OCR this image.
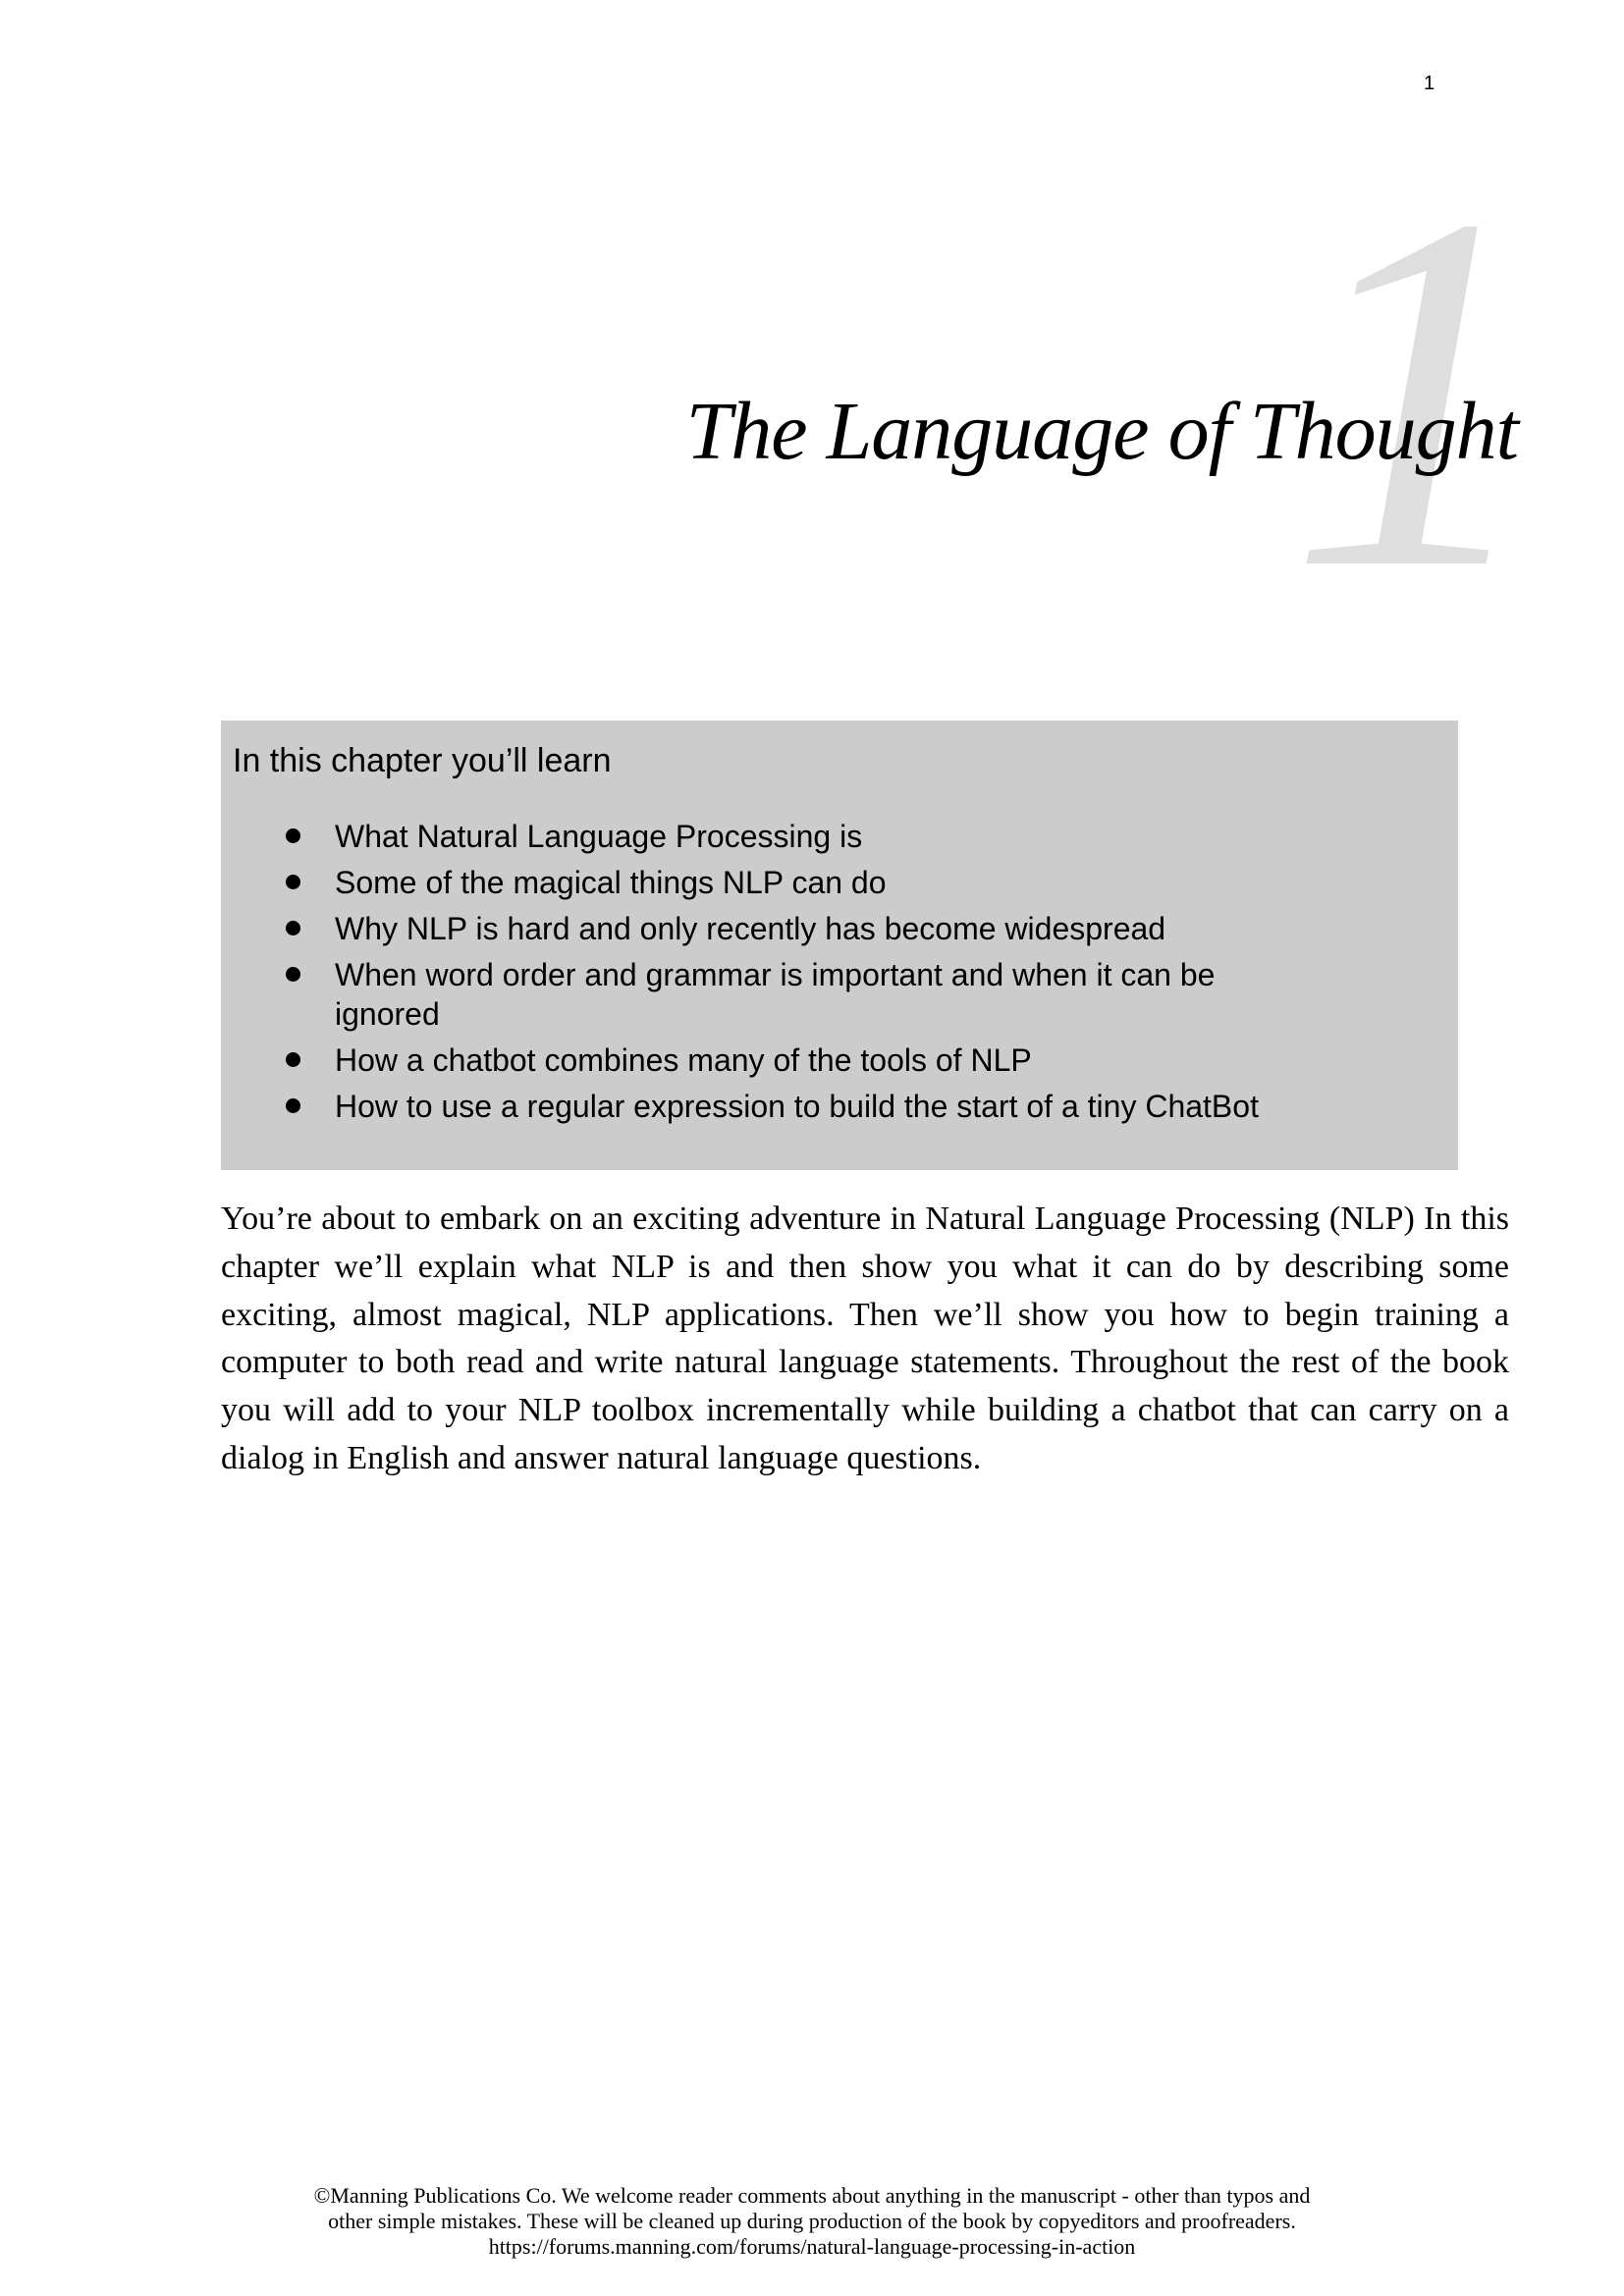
1
1
The Language of Thought
In this chapter you’ll learn
What Natural Language Processing is
Some of the magical things NLP can do
Why NLP is hard and only recently has become widespread
When word order and grammar is important and when it can be ignored
How a chatbot combines many of the tools of NLP
How to use a regular expression to build the start of a tiny ChatBot

You’re about to embark on an exciting adventure in Natural Language Processing (NLP) In this chapter we’ll explain what NLP is and then show you what it can do by describing some exciting, almost magical, NLP applications. Then we’ll show you how to begin training a computer to both read and write natural language statements. Throughout the rest of the book you will add to your NLP toolbox incrementally while building a chatbot that can carry on a dialog in English and answer natural language questions.

©Manning Publications Co. We welcome reader comments about anything in the manuscript - other than typos and
other simple mistakes. These will be cleaned up during production of the book by copyeditors and proofreaders.
https://forums.manning.com/forums/natural-language-processing-in-action
